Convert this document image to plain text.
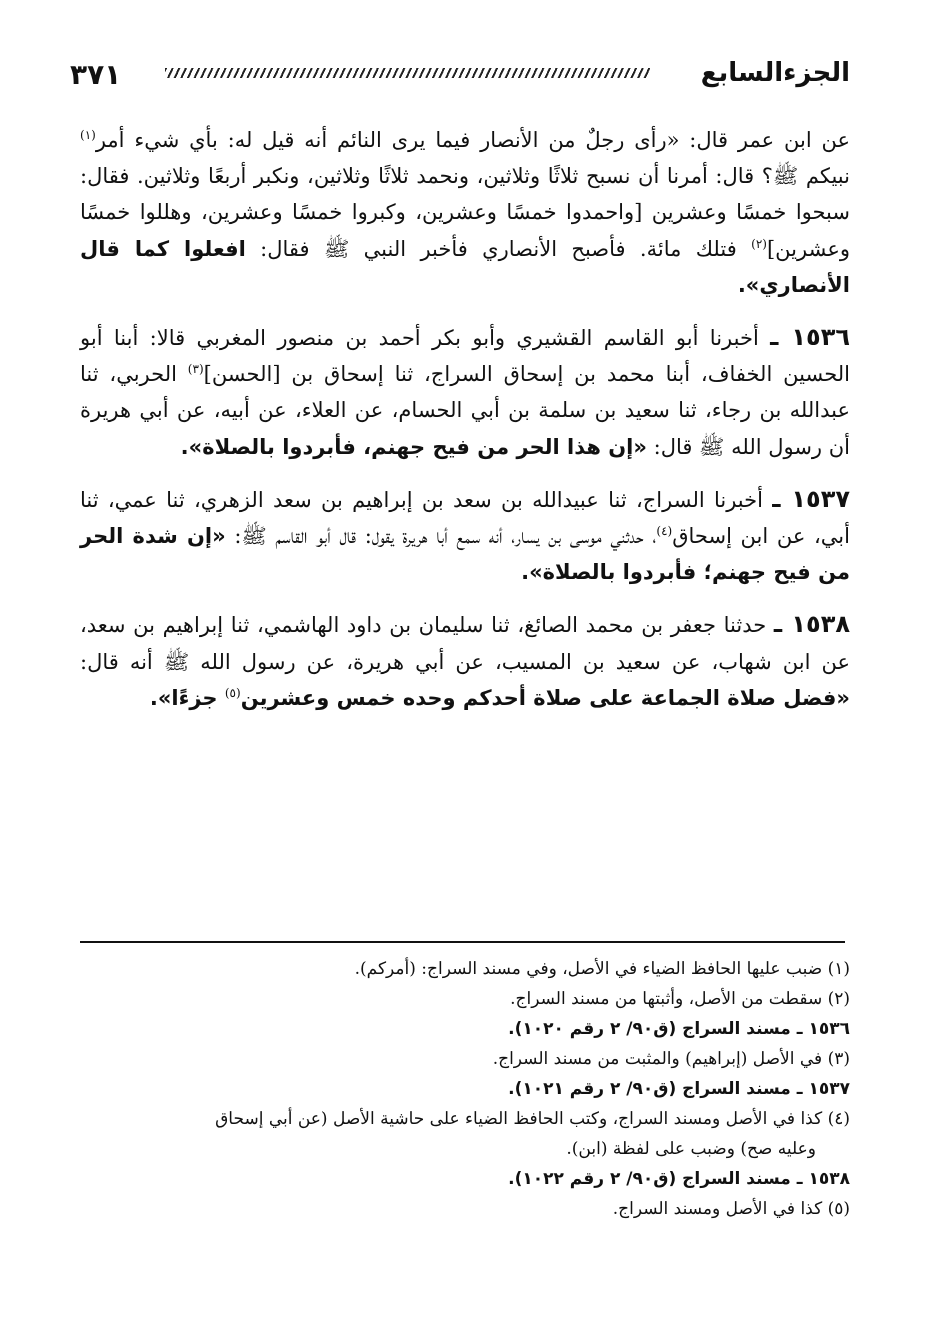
٣٧١	الجزءالسابع

عن ابن عمر قال: «رأى رجلٌ من الأنصار فيما يرى النائم أنه قيل له: بأي شيء أمر$^{(١)}$ نبيكم ﷺ؟ قال: أمرنا أن نسبح ثلاثًا وثلاثين، ونحمد ثلاثًا وثلاثين، ونكبر أربعًا وثلاثين. فقال: سبحوا خمسًا وعشرين [واحمدوا خمسًا وعشرين، وكبروا خمسًا وعشرين، وهللوا خمسًا وعشرين]$^{(٢)}$ فتلك مائة. فأصبح الأنصاري فأخبر النبي ﷺ فقال: افعلوا كما قال الأنصاري».

١٥٣٦ ـ أخبرنا أبو القاسم القشيري وأبو بكر أحمد بن منصور المغربي قالا: أبنا أبو الحسين الخفاف، أبنا محمد بن إسحاق السراج، ثنا إسحاق بن [الحسن]$^{(٣)}$ الحربي، ثنا عبدالله بن رجاء، ثنا سعيد بن سلمة بن أبي الحسام، عن العلاء، عن أبيه، عن أبي هريرة أن رسول الله ﷺ قال: «إن هذا الحر من فيح جهنم، فأبردوا بالصلاة».

١٥٣٧ ـ أخبرنا السراج، ثنا عبيدالله بن سعد بن إبراهيم بن سعد الزهري، ثنا عمي، ثنا أبي، عن ابن إسحاق$^{(٤)}$، حدثني موسى بن يسار، أنه سمع أبا هريرة يقول: قال أبو القاسم ﷺ: «إن شدة الحر من فيح جهنم؛ فأبردوا بالصلاة».

١٥٣٨ ـ حدثنا جعفر بن محمد الصائغ، ثنا سليمان بن داود الهاشمي، ثنا إبراهيم بن سعد، عن ابن شهاب، عن سعيد بن المسيب، عن أبي هريرة، عن رسول الله ﷺ أنه قال: «فضل صلاة الجماعة على صلاة أحدكم وحده خمس وعشرين$^{(٥)}$ جزءًا».

(١) ضبب عليها الحافظ الضياء في الأصل، وفي مسند السراج: (أمركم).

(٢) سقطت من الأصل، وأثبتها من مسند السراج.

١٥٣٦ ـ مسند السراج (ق٩٠/ ٢ رقم ١٠٢٠).

(٣) في الأصل (إبراهيم) والمثبت من مسند السراج.

١٥٣٧ ـ مسند السراج (ق٩٠/ ٢ رقم ١٠٢١).

(٤) كذا في الأصل ومسند السراج، وكتب الحافظ الضياء على حاشية الأصل (عن أبي إسحاق

وعليه صح) وضبب على لفظة (ابن).

١٥٣٨ ـ مسند السراج (ق٩٠/ ٢ رقم ١٠٢٢).

(٥) كذا في الأصل ومسند السراج.
